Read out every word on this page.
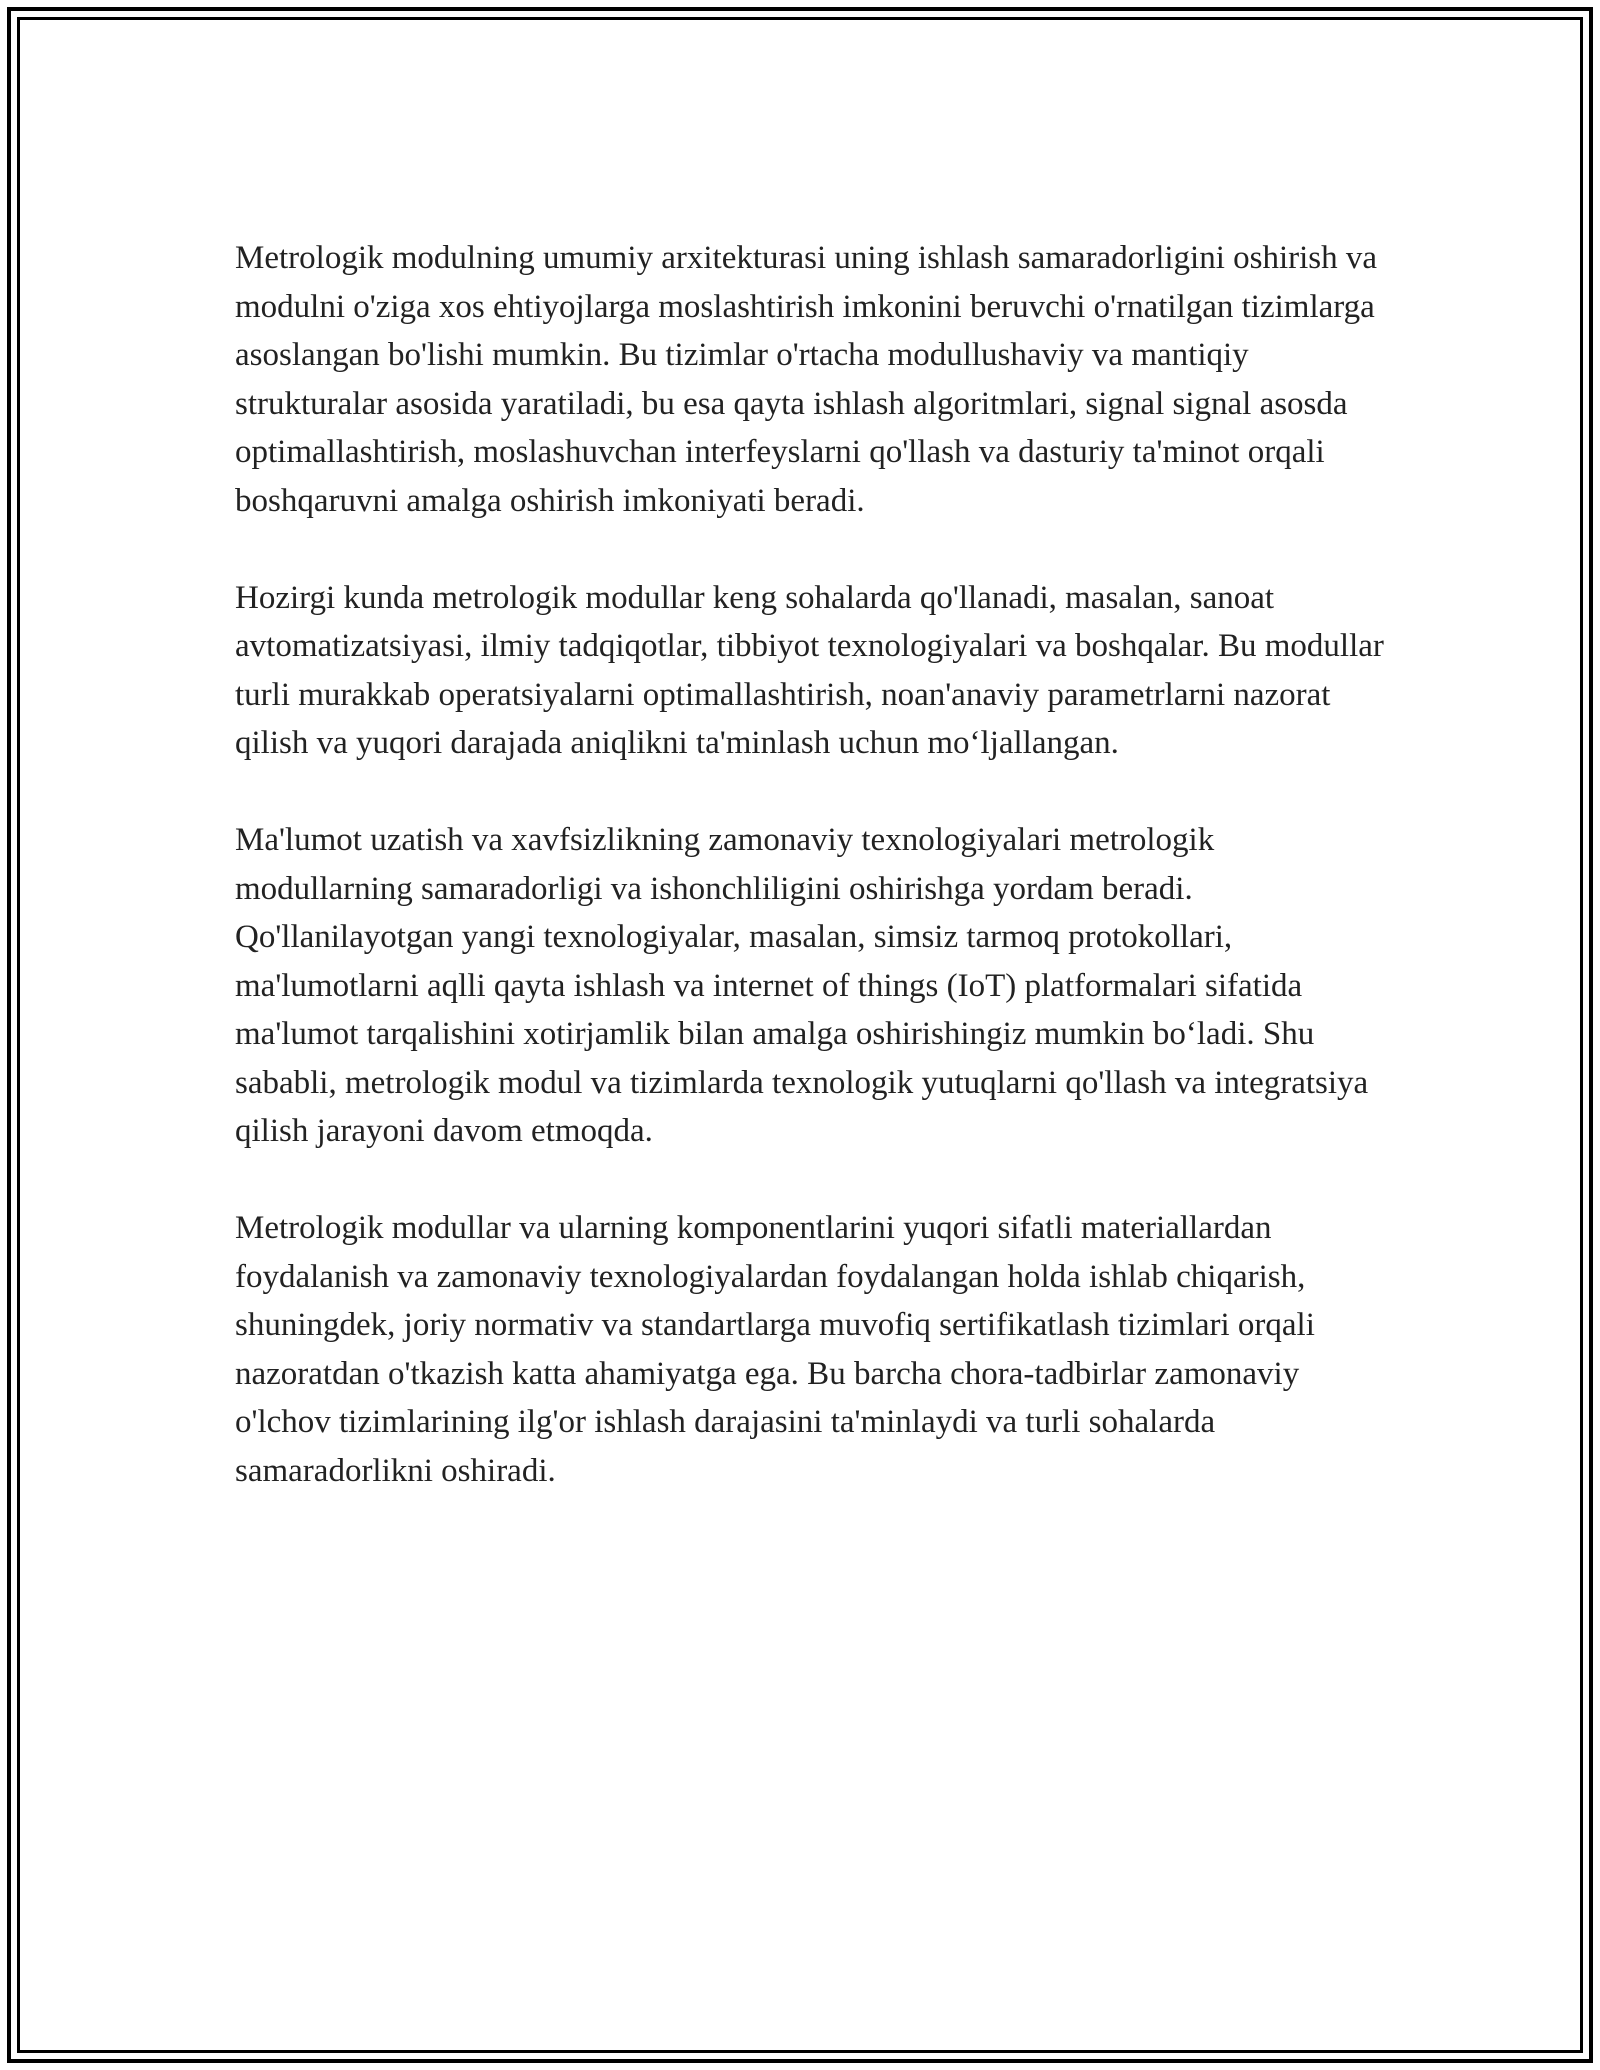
Metrologik modulning umumiy arxitekturasi uning ishlash samaradorligini oshirish va modulni o'ziga xos ehtiyojlarga moslashtirish imkonini beruvchi o'rnatilgan tizimlarga asoslangan bo'lishi mumkin. Bu tizimlar o'rtacha modullushaviy va mantiqiy strukturalar asosida yaratiladi, bu esa qayta ishlash algoritmlari, signal signal asosda optimallashtirish, moslashuvchan interfeyslarni qo'llash va dasturiy ta'minot orqali boshqaruvni amalga oshirish imkoniyati beradi.

Hozirgi kunda metrologik modullar keng sohalarda qo'llanadi, masalan, sanoat avtomatizatsiyasi, ilmiy tadqiqotlar, tibbiyot texnologiyalari va boshqalar. Bu modullar turli murakkab operatsiyalarni optimallashtirish, noan'anaviy parametrlarni nazorat qilish va yuqori darajada aniqlikni ta'minlash uchun mo‘ljallangan.

Ma'lumot uzatish va xavfsizlikning zamonaviy texnologiyalari metrologik modullarning samaradorligi va ishonchliligini oshirishga yordam beradi. Qo'llanilayotgan yangi texnologiyalar, masalan, simsiz tarmoq protokollari, ma'lumotlarni aqlli qayta ishlash va internet of things (IoT) platformalari sifatida ma'lumot tarqalishini xotirjamlik bilan amalga oshirishingiz mumkin bo‘ladi. Shu sababli, metrologik modul va tizimlarda texnologik yutuqlarni qo'llash va integratsiya qilish jarayoni davom etmoqda.

Metrologik modullar va ularning komponentlarini yuqori sifatli materiallardan foydalanish va zamonaviy texnologiyalardan foydalangan holda ishlab chiqarish, shuningdek, joriy normativ va standartlarga muvofiq sertifikatlash tizimlari orqali nazoratdan o'tkazish katta ahamiyatga ega. Bu barcha chora-tadbirlar zamonaviy o'lchov tizimlarining ilg'or ishlash darajasini ta'minlaydi va turli sohalarda samaradorlikni oshiradi.
